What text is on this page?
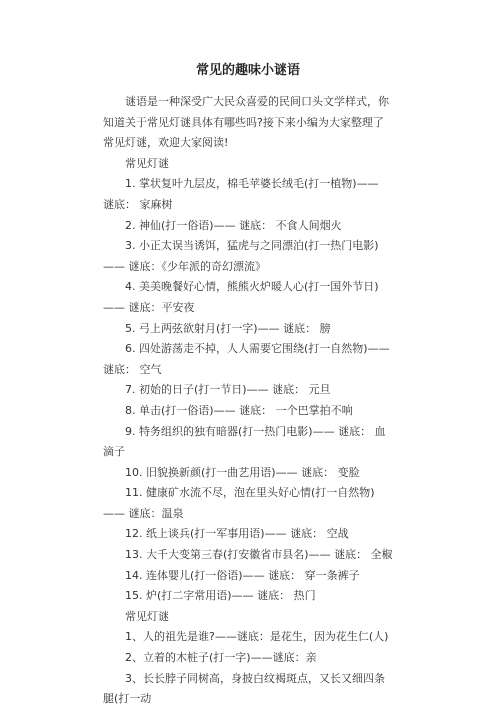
常见的趣味小谜语

谜语是一种深受广大民众喜爱的民间口头文学样式，你知道关于常见灯谜具体有哪些吗?接下来小编为大家整理了常见灯谜，欢迎大家阅读!

常见灯谜

1. 掌状复叶九层皮，棉毛苹婆长绒毛(打一植物)—— 谜底： 家麻树

2. 神仙(打一俗语)—— 谜底： 不食人间烟火

3. 小正太误当诱饵，猛虎与之同漂泊(打一热门电影)—— 谜底：《少年派的奇幻漂流》

4. 美美晚餐好心情，熊熊火炉暖人心(打一国外节日)—— 谜底：平安夜

5. 弓上两弦欲射月(打一字)—— 谜底： 膀

6. 四处游荡走不掉，人人需要它围绕(打一自然物)—— 谜底： 空气

7. 初始的日子(打一节日)—— 谜底： 元旦

8. 单击(打一俗语)—— 谜底： 一个巴掌拍不响

9. 特务组织的独有暗器(打一热门电影)—— 谜底： 血滴子

10. 旧貌换新颜(打一曲艺用语)—— 谜底： 变脸

11. 健康矿水流不尽，泡在里头好心情(打一自然物)—— 谜底：温泉

12. 纸上谈兵(打一军事用语)—— 谜底： 空战

13. 大千大变第三春(打安徽省市县名)—— 谜底： 全椒

14. 连体婴儿(打一俗语)—— 谜底： 穿一条裤子

15. 炉(打二字常用语)—— 谜底： 热门

常见灯谜

1、人的祖先是谁?——谜底：是花生，因为花生仁(人)

2、立着的木桩子(打一字)——谜底：亲

3、长长脖子同树高，身披白纹褐斑点，又长又细四条腿(打一动
